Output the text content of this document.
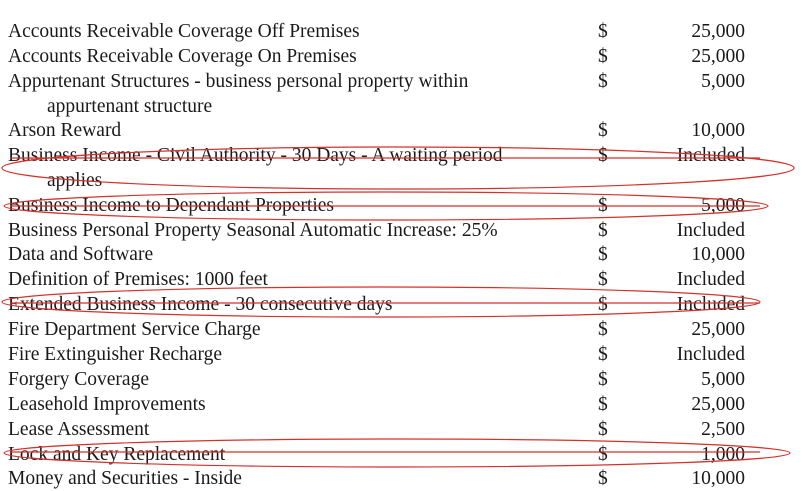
Accounts Receivable Coverage Off Premises	$	25,000
Accounts Receivable Coverage On Premises	$	25,000
Appurtenant Structures - business personal property within	$	5,000
appurtenant structure
Arson Reward	$	10,000
Business Income - Civil Authority - 30 Days - A waiting period	$	Included
applies
Business Income to Dependant Properties	$	5,000
Business Personal Property Seasonal Automatic Increase: 25%	$	Included
Data and Software	$	10,000
Definition of Premises: 1000 feet	$	Included
Extended Business Income - 30 consecutive days	$	Included
Fire Department Service Charge	$	25,000
Fire Extinguisher Recharge	$	Included
Forgery Coverage	$	5,000
Leasehold Improvements	$	25,000
Lease Assessment	$	2,500
Lock and Key Replacement	$	1,000
Money and Securities - Inside	$	10,000
